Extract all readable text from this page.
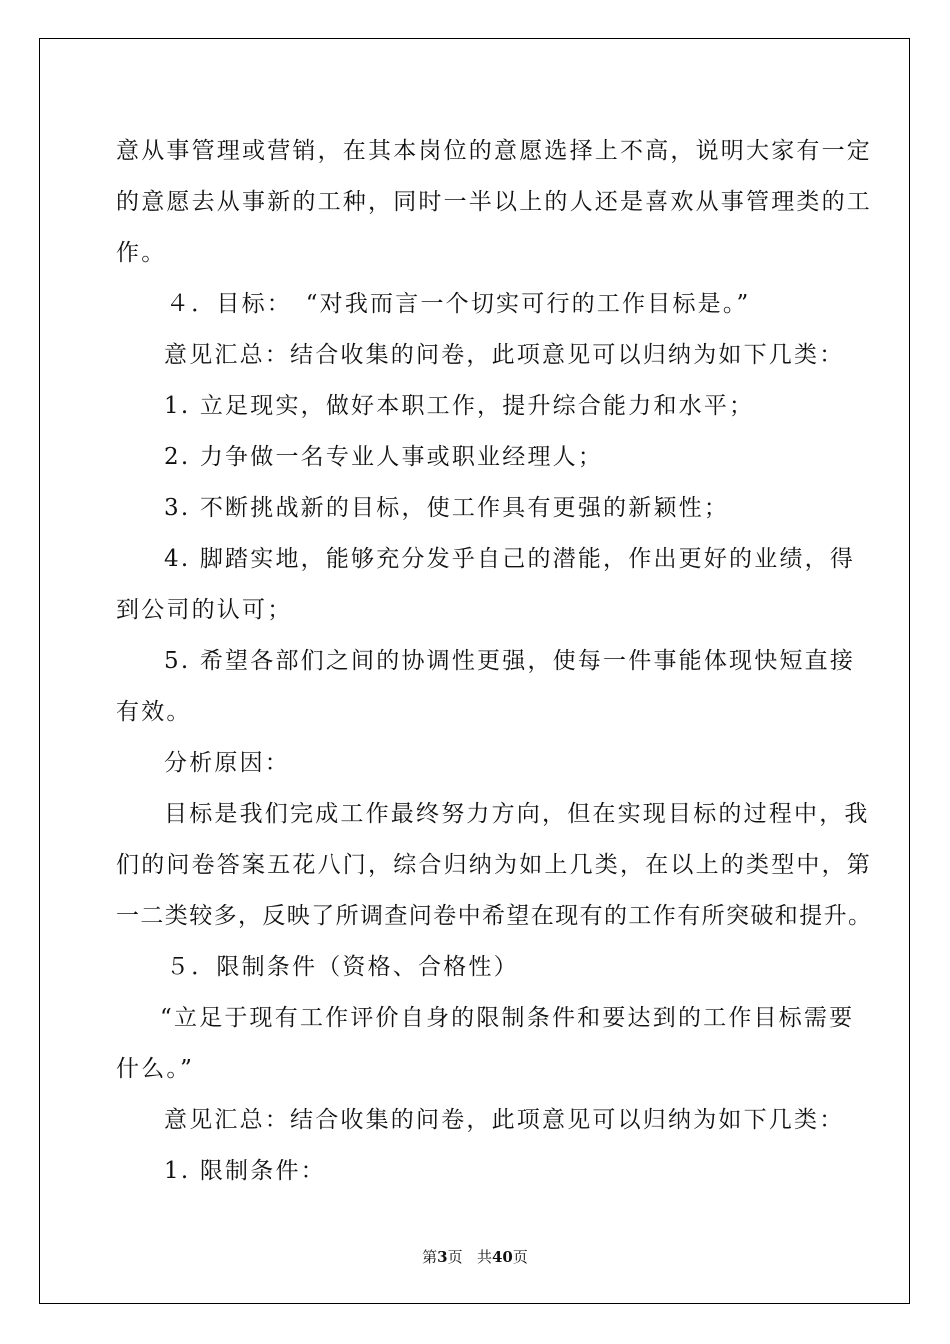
意从事管理或营销，在其本岗位的意愿选择上不高，说明大家有一定
的意愿去从事新的工种，同时一半以上的人还是喜欢从事管理类的工
作。
４．目标：　“对我而言一个切实可行的工作目标是。”
意见汇总：结合收集的问卷，此项意见可以归纳为如下几类：
1. 立足现实，做好本职工作，提升综合能力和水平；
2. 力争做一名专业人事或职业经理人；
3. 不断挑战新的目标，使工作具有更强的新颖性；
4. 脚踏实地，能够充分发乎自己的潜能，作出更好的业绩，得
到公司的认可；
5. 希望各部们之间的协调性更强，使每一件事能体现快短直接
有效。
分析原因：
目标是我们完成工作最终努力方向，但在实现目标的过程中，我
们的问卷答案五花八门，综合归纳为如上几类，在以上的类型中，第
一二类较多，反映了所调查问卷中希望在现有的工作有所突破和提升。
５．限制条件（资格、合格性）
“立足于现有工作评价自身的限制条件和要达到的工作目标需要
什么。”
意见汇总：结合收集的问卷，此项意见可以归纳为如下几类：
1. 限制条件：
第3页 共40页
